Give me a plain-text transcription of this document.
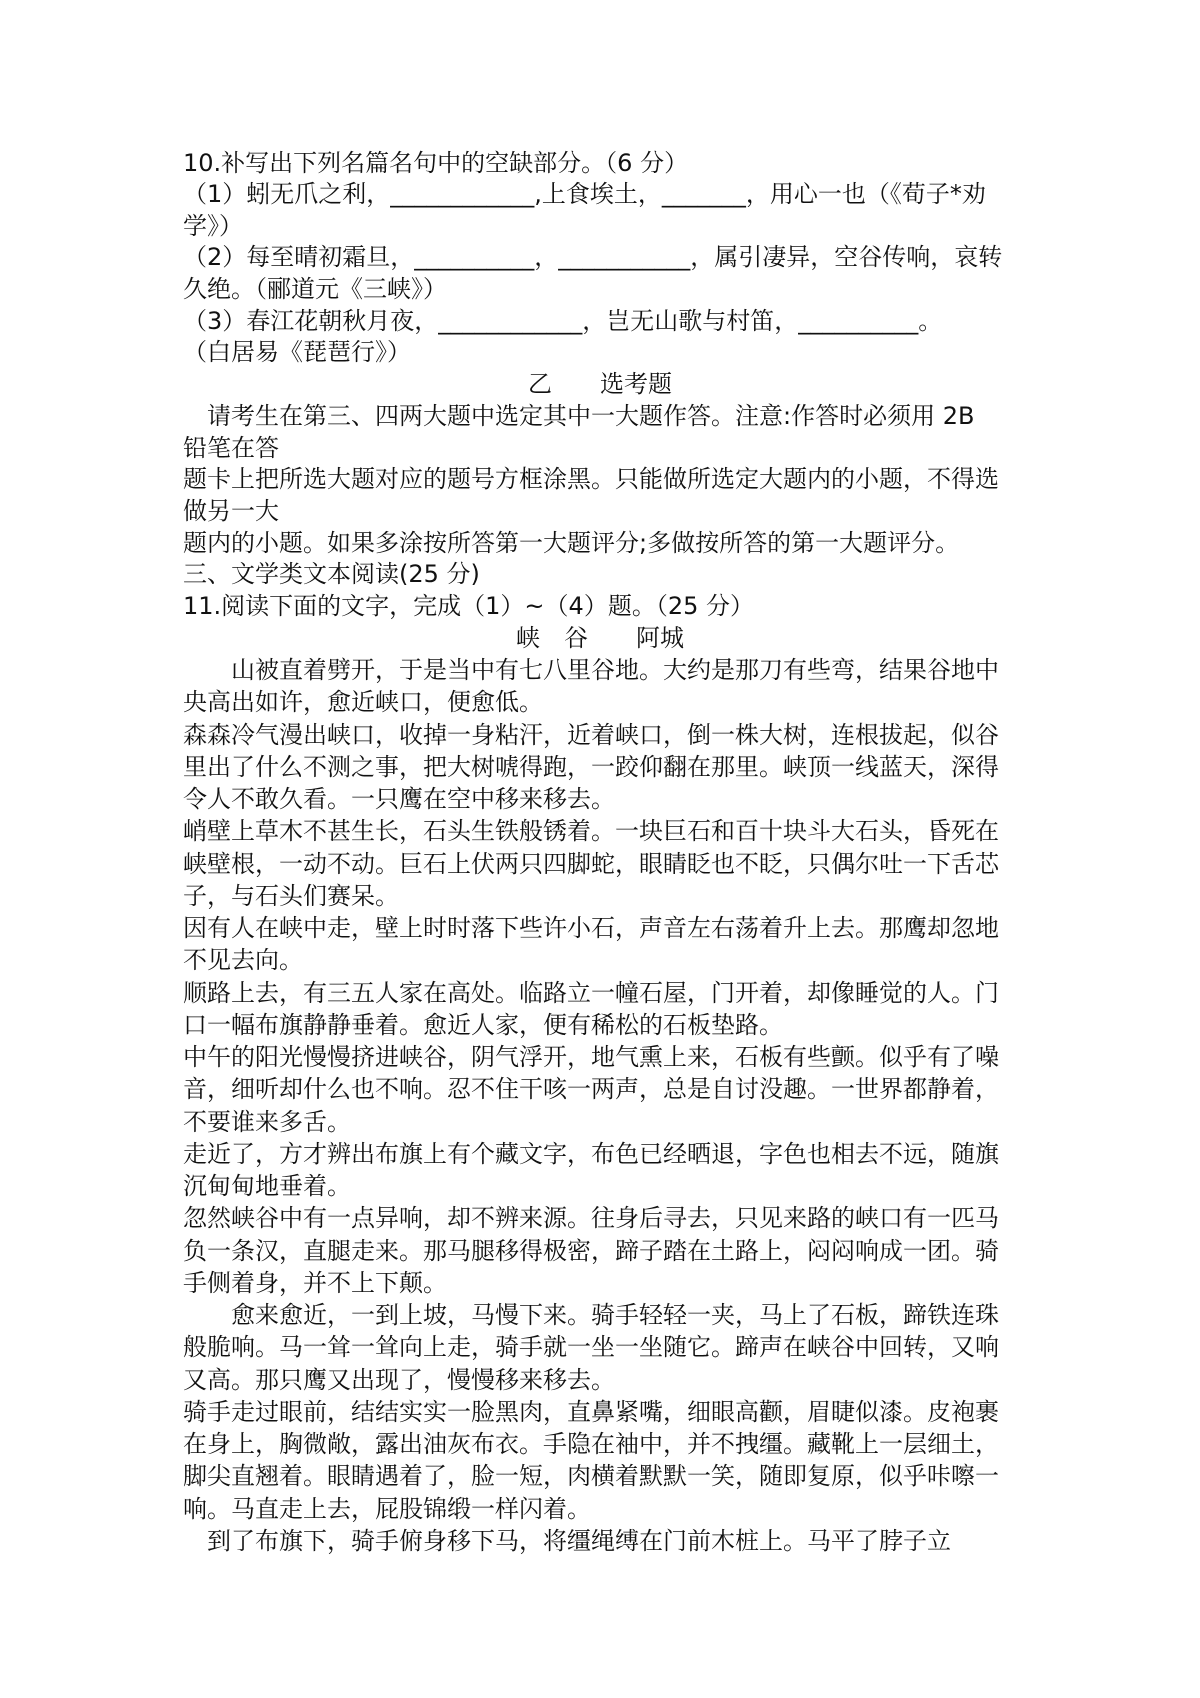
10.补写出下列名篇名句中的空缺部分。（6 分）
（1）蚓无爪之利，____________,上食埃土，_______，用心一也（《荀子*劝
学》）
（2）每至晴初霜旦，__________，___________，属引凄异，空谷传响，哀转
久绝。（郦道元《三峡》）
（3）春江花朝秋月夜，____________，岂无山歌与村笛，__________。
（白居易《琵琶行》）
乙　　选考题
　请考生在第三、四两大题中选定其中一大题作答。注意:作答时必须用 2B
铅笔在答
题卡上把所选大题对应的题号方框涂黑。只能做所选定大题内的小题，不得选
做另一大
题内的小题。如果多涂按所答第一大题评分;多做按所答的第一大题评分。
三、文学类文本阅读(25 分)
11.阅读下面的文字，完成（1）~（4）题。（25 分）
峡　谷　　阿城
　　山被直着劈开，于是当中有七八里谷地。大约是那刀有些弯，结果谷地中
央高出如许，愈近峡口，便愈低。
森森冷气漫出峡口，收掉一身粘汗，近着峡口，倒一株大树，连根拔起，似谷
里出了什么不测之事，把大树唬得跑，一跤仰翻在那里。峡顶一线蓝天，深得
令人不敢久看。一只鹰在空中移来移去。
峭壁上草木不甚生长，石头生铁般锈着。一块巨石和百十块斗大石头，昏死在
峡壁根，一动不动。巨石上伏两只四脚蛇，眼睛眨也不眨，只偶尔吐一下舌芯
子，与石头们赛呆。
因有人在峡中走，壁上时时落下些许小石，声音左右荡着升上去。那鹰却忽地
不见去向。
顺路上去，有三五人家在高处。临路立一幢石屋，门开着，却像睡觉的人。门
口一幅布旗静静垂着。愈近人家，便有稀松的石板垫路。
中午的阳光慢慢挤进峡谷，阴气浮开，地气熏上来，石板有些颤。似乎有了噪
音，细听却什么也不响。忍不住干咳一两声，总是自讨没趣。一世界都静着，
不要谁来多舌。
走近了，方才辨出布旗上有个藏文字，布色已经晒退，字色也相去不远，随旗
沉甸甸地垂着。
忽然峡谷中有一点异响，却不辨来源。往身后寻去，只见来路的峡口有一匹马
负一条汉，直腿走来。那马腿移得极密，蹄子踏在土路上，闷闷响成一团。骑
手侧着身，并不上下颠。
　　愈来愈近，一到上坡，马慢下来。骑手轻轻一夹，马上了石板，蹄铁连珠
般脆响。马一耸一耸向上走，骑手就一坐一坐随它。蹄声在峡谷中回转，又响
又高。那只鹰又出现了，慢慢移来移去。
骑手走过眼前，结结实实一脸黑肉，直鼻紧嘴，细眼高颧，眉睫似漆。皮袍裹
在身上，胸微敞，露出油灰布衣。手隐在袖中，并不拽缰。藏靴上一层细土，
脚尖直翘着。眼睛遇着了，脸一短，肉横着默默一笑，随即复原，似乎咔嚓一
响。马直走上去，屁股锦缎一样闪着。
　到了布旗下，骑手俯身移下马，将缰绳缚在门前木桩上。马平了脖子立
